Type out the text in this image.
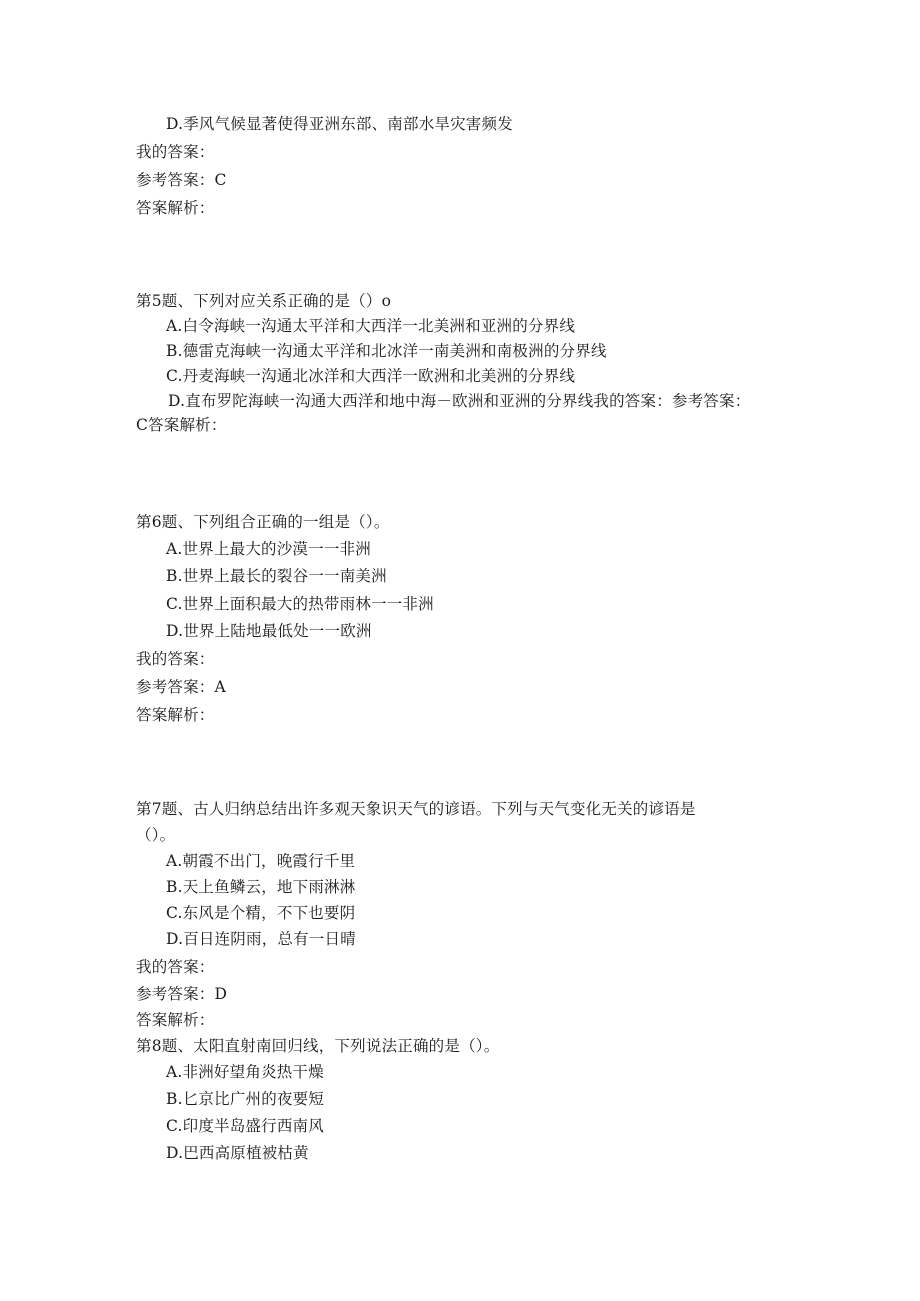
D.季风气候显著使得亚洲东部、南部水旱灾害频发
我的答案：
参考答案：C
答案解析：
第5题、下列对应关系正确的是（）o
A.白令海峡一沟通太平洋和大西洋一北美洲和亚洲的分界线
B.德雷克海峡一沟通太平洋和北冰洋一南美洲和南极洲的分界线
C.丹麦海峡一沟通北冰洋和大西洋一欧洲和北美洲的分界线
D.直布罗陀海峡一沟通大西洋和地中海－欧洲和亚洲的分界线我的答案：参考答案：
C答案解析：
第6题、下列组合正确的一组是（）。
A.世界上最大的沙漠一一非洲
B.世界上最长的裂谷一一南美洲
C.世界上面积最大的热带雨林一一非洲
D.世界上陆地最低处一一欧洲
我的答案：
参考答案：A
答案解析：
第7题、古人归纳总结出许多观天象识天气的谚语。下列与天气变化无关的谚语是
（）。
A.朝霞不出门，晚霞行千里
B.天上鱼鳞云，地下雨淋淋
C.东风是个精，不下也要阴
D.百日连阴雨，总有一日晴
我的答案：
参考答案：D
答案解析：
第8题、太阳直射南回归线，下列说法正确的是（）。
A.非洲好望角炎热干燥
B.匕京比广州的夜要短
C.印度半岛盛行西南风
D.巴西高原植被枯黄
